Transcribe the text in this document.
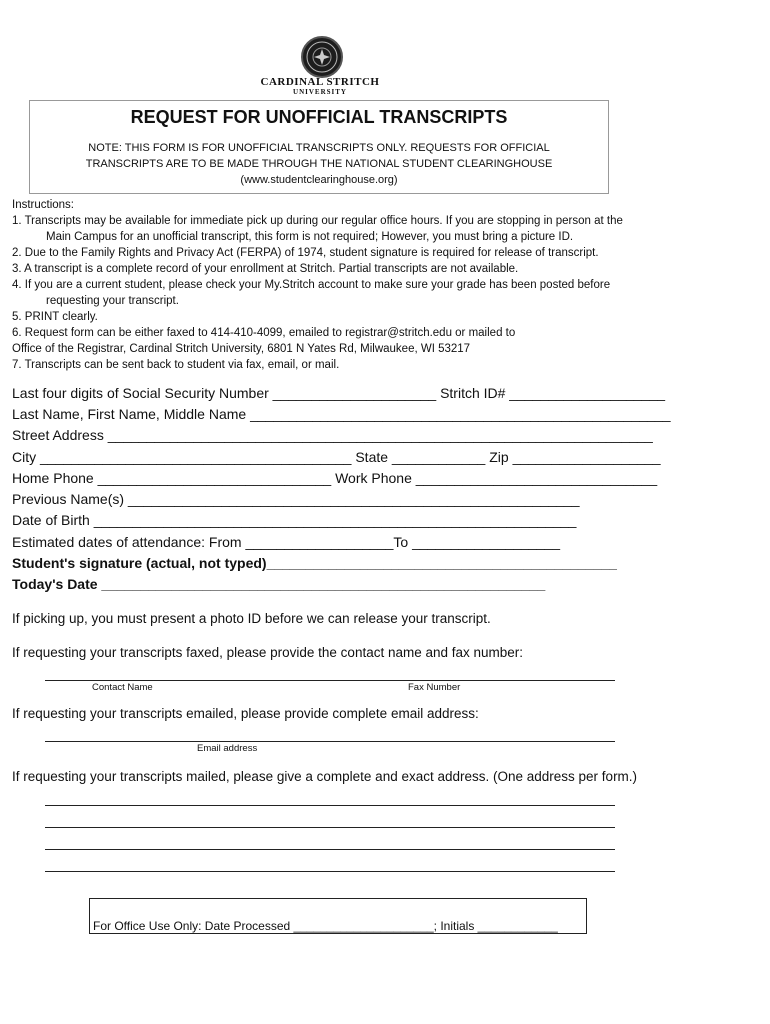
CARDINAL STRITCH
UNIVERSITY
REQUEST FOR UNOFFICIAL TRANSCRIPTS
NOTE: THIS FORM IS FOR UNOFFICIAL TRANSCRIPTS ONLY. REQUESTS FOR OFFICIAL
TRANSCRIPTS ARE TO BE MADE THROUGH THE NATIONAL STUDENT CLEARINGHOUSE
(www.studentclearinghouse.org)
Instructions:
1. Transcripts may be available for immediate pick up during our regular office hours. If you are stopping in person at the
Main Campus for an unofficial transcript, this form is not required; However, you must bring a picture ID.
2. Due to the Family Rights and Privacy Act (FERPA) of 1974, student signature is required for release of transcript.
3. A transcript is a complete record of your enrollment at Stritch. Partial transcripts are not available.
4. If you are a current student, please check your My.Stritch account to make sure your grade has been posted before
requesting your transcript.
5. PRINT clearly.
6. Request form can be either faxed to 414-410-4099, emailed to registrar@stritch.edu or mailed to
Office of the Registrar, Cardinal Stritch University, 6801 N Yates Rd, Milwaukee, WI 53217
7. Transcripts can be sent back to student via fax, email, or mail.
Last four digits of Social Security Number _____________________ Stritch ID# ____________________
Last Name, First Name, Middle Name ______________________________________________________
Street Address ______________________________________________________________________
City ________________________________________ State ____________ Zip ___________________
Home Phone ______________________________ Work Phone _______________________________
Previous Name(s) __________________________________________________________
Date of Birth ______________________________________________________________
Estimated dates of attendance: From ___________________To ___________________
Student's signature (actual, not typed)_____________________________________________
Today's Date _________________________________________________________
If picking up, you must present a photo ID before we can release your transcript.
If requesting your transcripts faxed, please provide the contact name and fax number:
Contact Name	Fax Number
If requesting your transcripts emailed, please provide complete email address:
Email address
If requesting your transcripts mailed, please give a complete and exact address. (One address per form.)
For Office Use Only: Date Processed _____________________; Initials ____________
